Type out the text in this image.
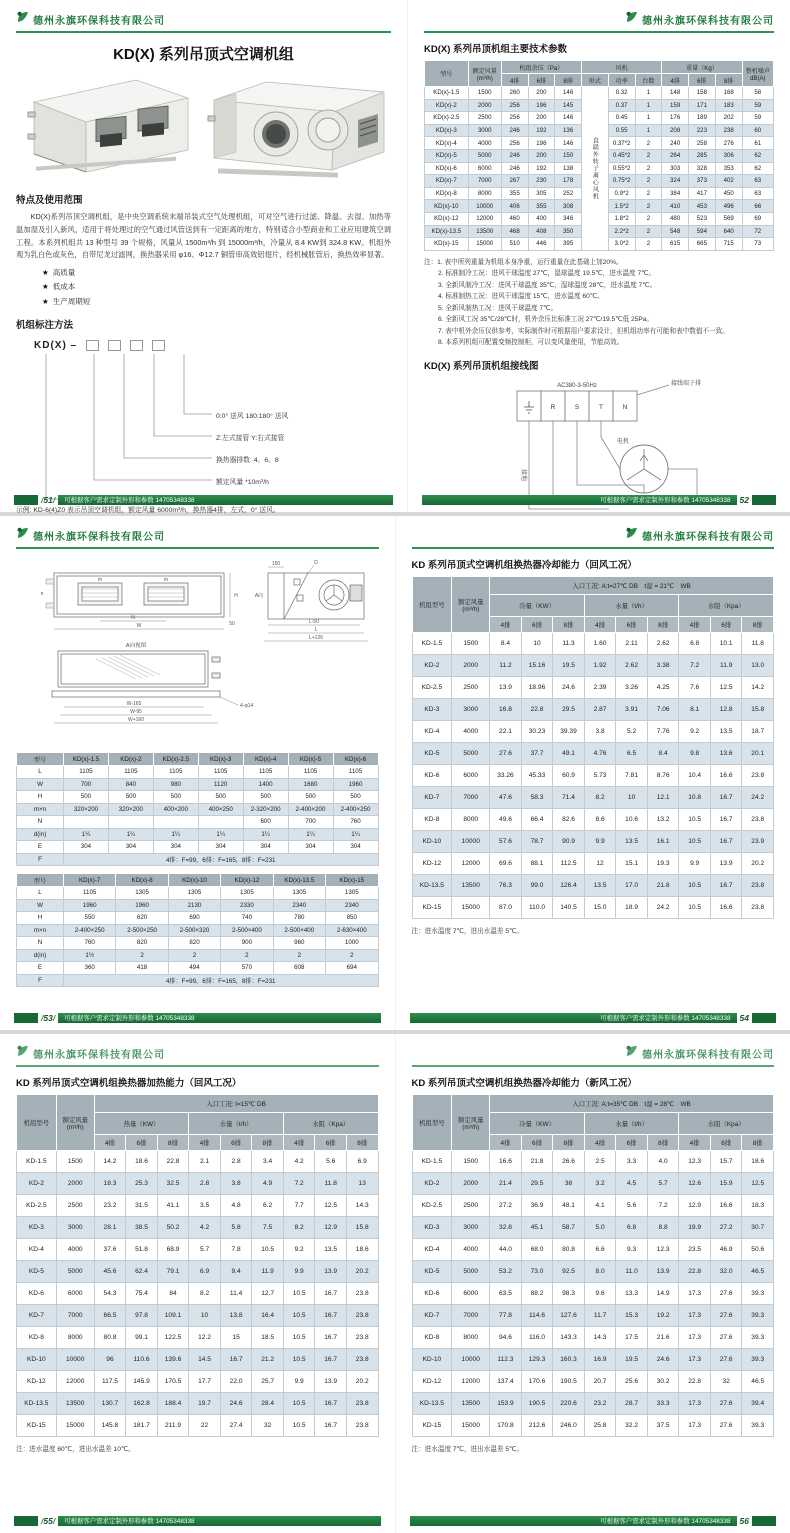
德州永旗环保科技有限公司
KD(X) 系列吊顶式空调机组
特点及使用范围
KD(X)系列吊顶空调机组，是中央空调系统末端吊装式空气处理机组，可对空气进行过滤、降温、去湿、加热等温加湿及引入新风，适用于将处理过的空气通过风管送到有一定距离的地方，特别适合小型商业和工业应用建筑空调工程。本系列机组共 13 种型号 39 个规格，风量从 1500m³/h 到 15000m³/h，冷量从 8.4 KW到 324.8 KW。机组外观为乳白色或灰色，自带尼龙过滤网，换热器采用 φ16、Φ12.7 铜管串高效铝翅片，经机械胀管后，换热效率显著。
★ 高质量
★ 低成本
★ 生产周期短
机组标注方法
KD(X) –
0:0° 送风 180:180° 送风
Z:左式接管 Y:右式接管
换热器排数: 4、6、8
额定风量 *10m³/h
示例: KD-6(4)Z0 表示吊顶空调机组，额定风量 6000m³/h，换热器4排，左式，0° 送风。
/51/	可根据客户需求定制外形和参数 14705348338
德州永旗环保科技有限公司
KD(X) 系列吊顶机组主要技术参数
型号	额定风量 (m³/h)	机组余压（Pa）			风机			重量（Kg）			整机噪声 dB(A)
		4排	6排	8排	形式	功率	台数	4排	6排	8排	
KD(x)-1.5	1500	260	200	146	直联外转子离心风机	0.32	1	148	158	168	58
KD(x)-2	2000	256	196	145		0.37	1	159	171	183	59
KD(x)-2.5	2500	256	200	146		0.45	1	176	189	202	59
KD(x)-3	3000	246	192	136		0.55	1	208	223	238	60
KD(x)-4	4000	256	196	146		0.37*2	2	240	258	276	61
KD(x)-5	5000	246	200	150		0.45*2	2	264	285	306	62
KD(x)-6	6000	246	192	138		0.55*2	2	303	328	353	62
KD(x)-7	7000	267	230	178		0.75*2	2	324	373	402	63
KD(x)-8	8000	355	305	252		0.9*2	2	384	417	450	63
KD(x)-10	10000	406	355	308		1.5*2	2	410	453	496	66
KD(x)-12	12000	460	400	346		1.8*2	2	480	523	569	69
KD(x)-13.5	13500	468	408	350		2.2*2	2	548	594	640	72
KD(x)-15	15000	510	446	395		3.0*2	2	615	665	715	73
注：1. 表中所列重量为机组本身净重，运行重量在此基础上加20%。
2. 标准制冷工况：进风干球温度 27℃，湿球温度 19.5℃，进水温度 7℃。
3. 全新风制冷工况：进风干球温度 35℃，湿球温度 28℃，进水温度 7℃。
4. 标准制热工况：进风干球温度 15℃，进水温度 60℃。
5. 全新风制热工况：进风干球温度 7℃。
6. 全新风工况 35℃/28℃时，机外余压比标准工况 27℃/19.5℃低 25Pa。
7. 表中机外余压仅供参考，实际制作时可根据用户要求设计，但机组功率有可能和表中数值不一致。
8. 本系列机组可配置变频控制柜，可以变风量使用，节能高效。
KD(X) 系列吊顶机组接线图
AC380-3-50Hz
R	S	T	N
接线端子排
电机
接地
可根据客户需求定制外形和参数 14705348338	52
德州永旗环保科技有限公司
m	m
n
N
W
H
50
150	D
A向
L-50
L
L+126
A向视图
4-φ14
W-165
W-95
W+160
型号	KD(x)-1.5	KD(x)-2	KD(x)-2.5	KD(x)-3	KD(x)-4	KD(x)-5	KD(x)-6
L	1105	1105	1105	1105	1105	1105	1105
W	700	840	980	1120	1400	1680	1960
H	500	500	500	500	500	500	500
m×n	320×200	320×200	400×200	400×250	2-320×200	2-400×200	2-400×250
N					600	700	760
d(in)	1¼	1¼	1¼	1¼	1¼	1¼	1¼
E	304	304	304	304	304	304	304
F	4排：F=99，6排：F=165，8排：F=231						
型号	KD(x)-7	KD(x)-8	KD(x)-10	KD(x)-12	KD(x)-13.5	KD(x)-15
L	1105	1305	1305	1305	1305	1305
W	1960	1960	2130	2330	2340	2340
H	550	620	690	740	780	850
m×n	2-400×250	2-500×250	2-500×320	2-500×400	2-500×400	2-630×400
N	760	820	820	900	960	1000
d(in)	1½	2	2	2	2	2
E	360	418	494	570	608	694
F	4排：F=99，6排：F=165，8排：F=231					
/53/	可根据客户需求定制外形和参数 14705348338
德州永旗环保科技有限公司
KD 系列吊顶式空调机组换热器冷却能力（回风工况）
机组型号	额定风量 (m³/h)	入口工况: A:t=27℃ DB　t湿 = 21℃　WB								
		冷量（KW）			水量（t/h）			水阻（Kpa）		
		4排	6排	8排	4排	6排	8排	4排	6排	8排
KD-1.5	1500	8.4	10	11.3	1.60	2.11	2.62	6.8	10.1	11.8
KD-2	2000	11.2	15.16	19.5	1.92	2.62	3.38	7.2	11.9	13.0
KD-2.5	2500	13.9	18.96	24.6	2.39	3.26	4.25	7.6	12.5	14.2
KD-3	3000	16.8	22.8	29.5	2.87	3.91	7.06	8.1	12.8	15.8
KD-4	4000	22.1	30.23	39.39	3.8	5.2	7.76	9.2	13.5	18.7
KD-5	5000	27.6	37.7	49.1	4.76	6.5	8.4	9.8	13.6	20.1
KD-6	6000	33.26	45.33	60.9	5.73	7.81	8.76	10.4	16.6	23.8
KD-7	7000	47.6	58.3	71.4	8.2	10	12.1	10.8	16.7	24.2
KD-8	8000	49.6	66.4	82.6	8.6	10.6	13.2	10.5	16.7	23.8
KD-10	10000	57.6	78.7	90.9	9.9	13.5	16.1	10.5	16.7	23.9
KD-12	12000	69.6	88.1	112.5	12	15.1	19.3	9.9	13.9	20.2
KD-13.5	13500	76.3	99.0	126.4	13.5	17.0	21.8	10.5	16.7	23.8
KD-15	15000	87.0	110.0	140.5	15.0	18.9	24.2	10.5	16.6	23.8
注：进水温度 7℃，进出水温差 5℃。
可根据客户需求定制外形和参数 14705348338	54
德州永旗环保科技有限公司
KD 系列吊顶式空调机组换热器加热能力（回风工况）
机组型号	额定风量 (m³/h)	入口工况: t=15℃ DB								
		热量（KW）			水量（t/h）			水阻（Kpa）		
		4排	6排	8排	4排	6排	8排	4排	6排	8排
KD-1.5	1500	14.2	18.6	22.8	2.1	2.8	3.4	4.2	5.6	6.9
KD-2	2000	18.3	25.3	32.5	2.8	3.8	4.9	7.2	11.8	13
KD-2.5	2500	23.2	31.5	41.1	3.5	4.8	6.2	7.7	12.5	14.3
KD-3	3000	28.1	38.5	50.2	4.2	5.8	7.5	8.2	12.9	15.8
KD-4	4000	37.6	51.8	68.9	5.7	7.8	10.5	9.2	13.5	18.6
KD-5	5000	45.6	62.4	79.1	6.9	9.4	11.9	9.9	13.9	20.2
KD-6	6000	54.3	75.4	84	8.2	11.4	12.7	10.5	16.7	23.8
KD-7	7000	66.5	97.8	109.1	10	13.8	16.4	10.5	16.7	23.8
KD-8	8000	80.8	99.1	122.5	12.2	15	18.5	10.5	16.7	23.8
KD-10	10000	96	110.6	139.6	14.5	16.7	21.2	10.5	16.7	23.8
KD-12	12000	117.5	145.9	170.5	17.7	22.0	25.7	9.9	13.9	20.2
KD-13.5	13500	130.7	162.8	188.4	19.7	24.6	28.4	10.5	16.7	23.8
KD-15	15000	145.8	181.7	211.9	22	27.4	32	10.5	16.7	23.8
注：进水温度 60℃，进出水温差 10℃。
/55/	可根据客户需求定制外形和参数 14705348338
德州永旗环保科技有限公司
KD 系列吊顶式空调机组换热器冷却能力（新风工况）
机组型号	额定风量 (m³/h)	入口工况: A:t=35℃ DB　t湿 = 28℃　WB								
		冷量（KW）			水量（t/h）			水阻（Kpa）		
		4排	6排	8排	4排	6排	8排	4排	6排	8排
KD-1.5	1500	16.6	21.8	26.6	2.5	3.3	4.0	12.3	15.7	18.6
KD-2	2000	21.4	29.5	38	3.2	4.5	5.7	12.6	15.9	12.5
KD-2.5	2500	27.2	36.9	48.1	4.1	5.6	7.2	12.9	16.6	18.3
KD-3	3000	32.8	45.1	58.7	5.0	6.8	8.8	19.9	27.2	30.7
KD-4	4000	44.0	68.0	80.8	6.6	9.3	12.3	23.5	46.9	50.6
KD-5	5000	53.2	73.0	92.5	8.0	11.0	13.9	22.8	32.0	46.5
KD-6	6000	63.5	88.2	98.3	9.6	13.3	14.9	17.3	27.6	39.3
KD-7	7000	77.8	114.6	127.6	11.7	15.3	19.2	17.3	27.6	39.3
KD-8	8000	94.6	116.0	143.3	14.3	17.5	21.6	17.3	27.6	39.3
KD-10	10000	112.3	129.3	160.3	16.9	19.5	24.6	17.3	27.6	39.3
KD-12	12000	137.4	170.6	190.5	20.7	25.6	30.2	22.8	32	46.5
KD-13.5	13500	153.9	190.5	220.6	23.2	28.7	33.3	17.3	27.6	39.4
KD-15	15000	170.8	212.6	246.0	25.8	32.2	37.5	17.3	27.6	39.3
注：进水温度 7℃，进出水温差 5℃。
可根据客户需求定制外形和参数 14705348338	56
